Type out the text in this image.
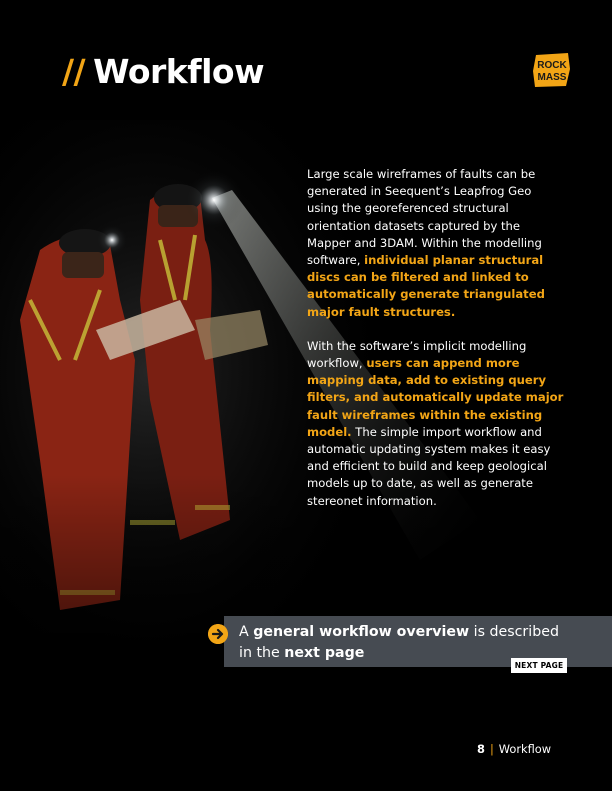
// Workflow	ROCK
MASS

Large scale wireframes of faults can be generated in Seequent’s Leapfrog Geo using the georeferenced structural orientation datasets captured by the Mapper and 3DAM. Within the modelling software, individual planar structural discs can be filtered and linked to automatically generate triangulated major fault structures.

With the software’s implicit modelling workflow, users can append more mapping data, add to existing query filters, and automatically update major fault wireframes within the existing model. The simple import workflow and automatic updating system makes it easy and efficient to build and keep geological models up to date, as well as generate stereonet information.

A general workflow overview is described in the next page
NEXT PAGE
8 | Workflow
